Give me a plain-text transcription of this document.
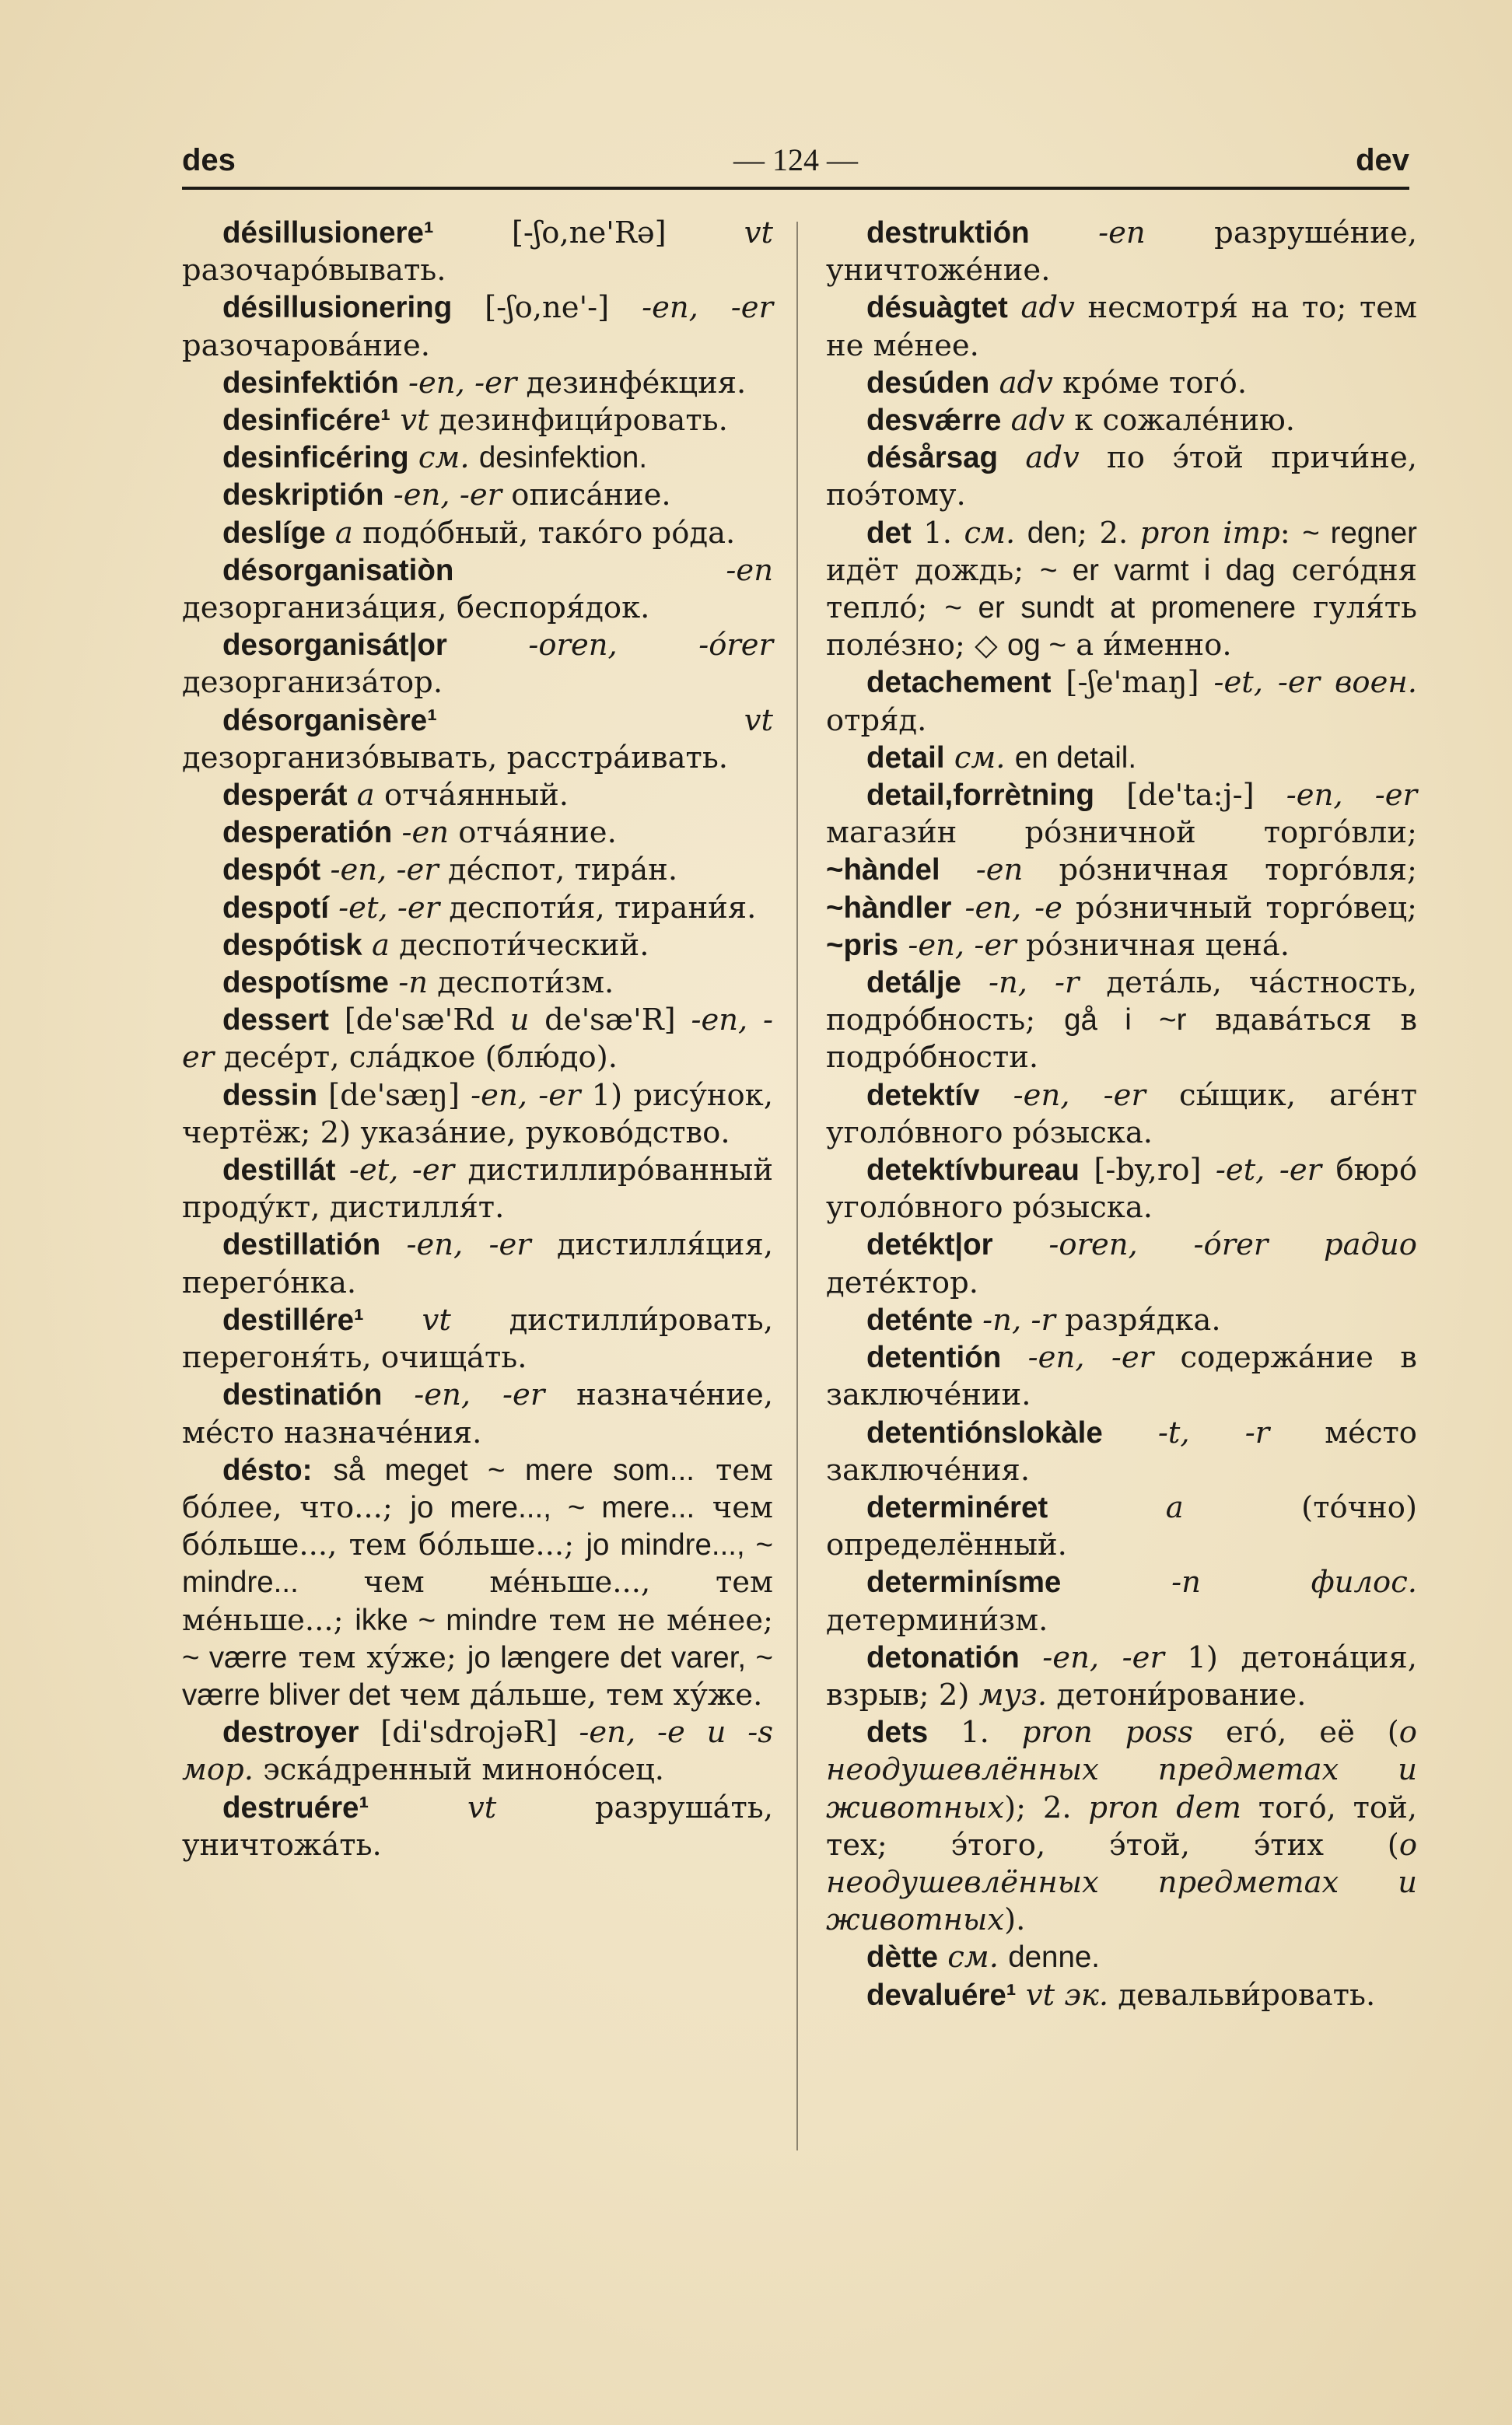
des	— 124 —	dev

désillusionere¹	[-ʃo,ne'Rə] vt разочаро́вывать.

désillusionering [-ʃo,ne'-] -en, -er разочарова́ние.

desinfektión -en, -er дезинфе́кция.

desinficére¹ vt дезинфици́ровать.

desinficéring см. desinfektion.

deskriptión -en, -er описа́ние.

deslíge a подо́бный, тако́го ро́да.

désorganisatiòn	-en дезорганиза́ция, беспоря́док.

desorganisát|or	-oren, -órer дезорганиза́тор.

désorganisère¹	vt дезорганизо́вывать, расстра́ивать.

desperát a отча́янный.

desperatión -en отча́яние.

despót -en, -er де́спот, тира́н.

despotí -et, -er деспоти́я, тирани́я.

despótisk a деспоти́ческий.

despotísme -n деспоти́зм.

dessert [de'sæ'Rd u de'sæ'R] -en, -er десе́рт, сла́дкое (блю́до).

dessin [de'sæŋ] -en, -er 1) рису́нок, чертёж; 2) указа́ние, руково́дство.

destillát -et, -er дистиллиро́ванный проду́кт, дистилля́т.

destillatión -en, -er дистилля́ция, перего́нка.

destillére¹ vt дистилли́ровать, перегоня́ть, очища́ть.

destinatión -en, -er назначе́ние, ме́сто назначе́ния.

désto: så meget ~ mere som... тем бо́лее, что...; jo mere..., ~ mere... чем бо́льше..., тем бо́льше...; jo mindre..., ~ mindre... чем ме́ньше..., тем ме́ньше...; ikke ~ mindre тем не ме́нее; ~ værre тем ху́же; jo længere det varer, ~ værre bliver det чем да́льше, тем ху́же.

destroyer [di'sdrojəR] -en, -e u -s мор. эска́дренный миноно́сец.

destruére¹	vt разруша́ть, уничтожа́ть.

destruktión -en разруше́ние, уничтоже́ние.

désuàgtet adv несмотря́ на то; тем не ме́нее.

desúden adv кро́ме того́.

desvǽrre adv к сожале́нию.

désårsag adv по э́той причи́не, поэ́тому.

det 1. см. den; 2. pron imp: ~ regner идёт дождь; ~ er varmt i dag сего́дня тепло́; ~ er sundt at promenere гуля́ть поле́зно; ◇ og ~ а и́менно.

detachement [-ʃe'maŋ] -et, -er воен. отря́д.

detail см. en detail.

detail,forrètning [de'ta:j-] -en, -er магази́н ро́зничной торго́вли; ~hàndel -en ро́зничная торго́вля; ~hàndler -en, -e ро́зничный торго́вец; ~pris -en, -er ро́зничная цена́.

detálje -n, -r дета́ль, ча́стность, подро́бность; gå i ~r вдава́ться в подро́бности.

detektív -en, -er сы́щик, аге́нт уголо́вного ро́зыска.

detektívbureau [-by,ro] -et, -er бюро́ уголо́вного ро́зыска.

detékt|or -oren, -órer радио дете́ктор.

deténte -n, -r разря́дка.

detentión -en, -er содержа́ние в заключе́нии.

detentiónslokàle -t, -r ме́сто заключе́ния.

determinéret	a (то́чно) определённый.

determinísme	-n филос. детермини́зм.

detonatión -en, -er 1) детона́ция, взрыв; 2) муз. детони́рование.

dets 1. pron poss его́, её (о неодушевлённых предметах и животных); 2. pron dem того́, той, тех; э́того, э́той, э́тих (о неодушевлённых предметах и животных).

dètte см. denne.

devaluére¹ vt эк. девальви́ровать.
